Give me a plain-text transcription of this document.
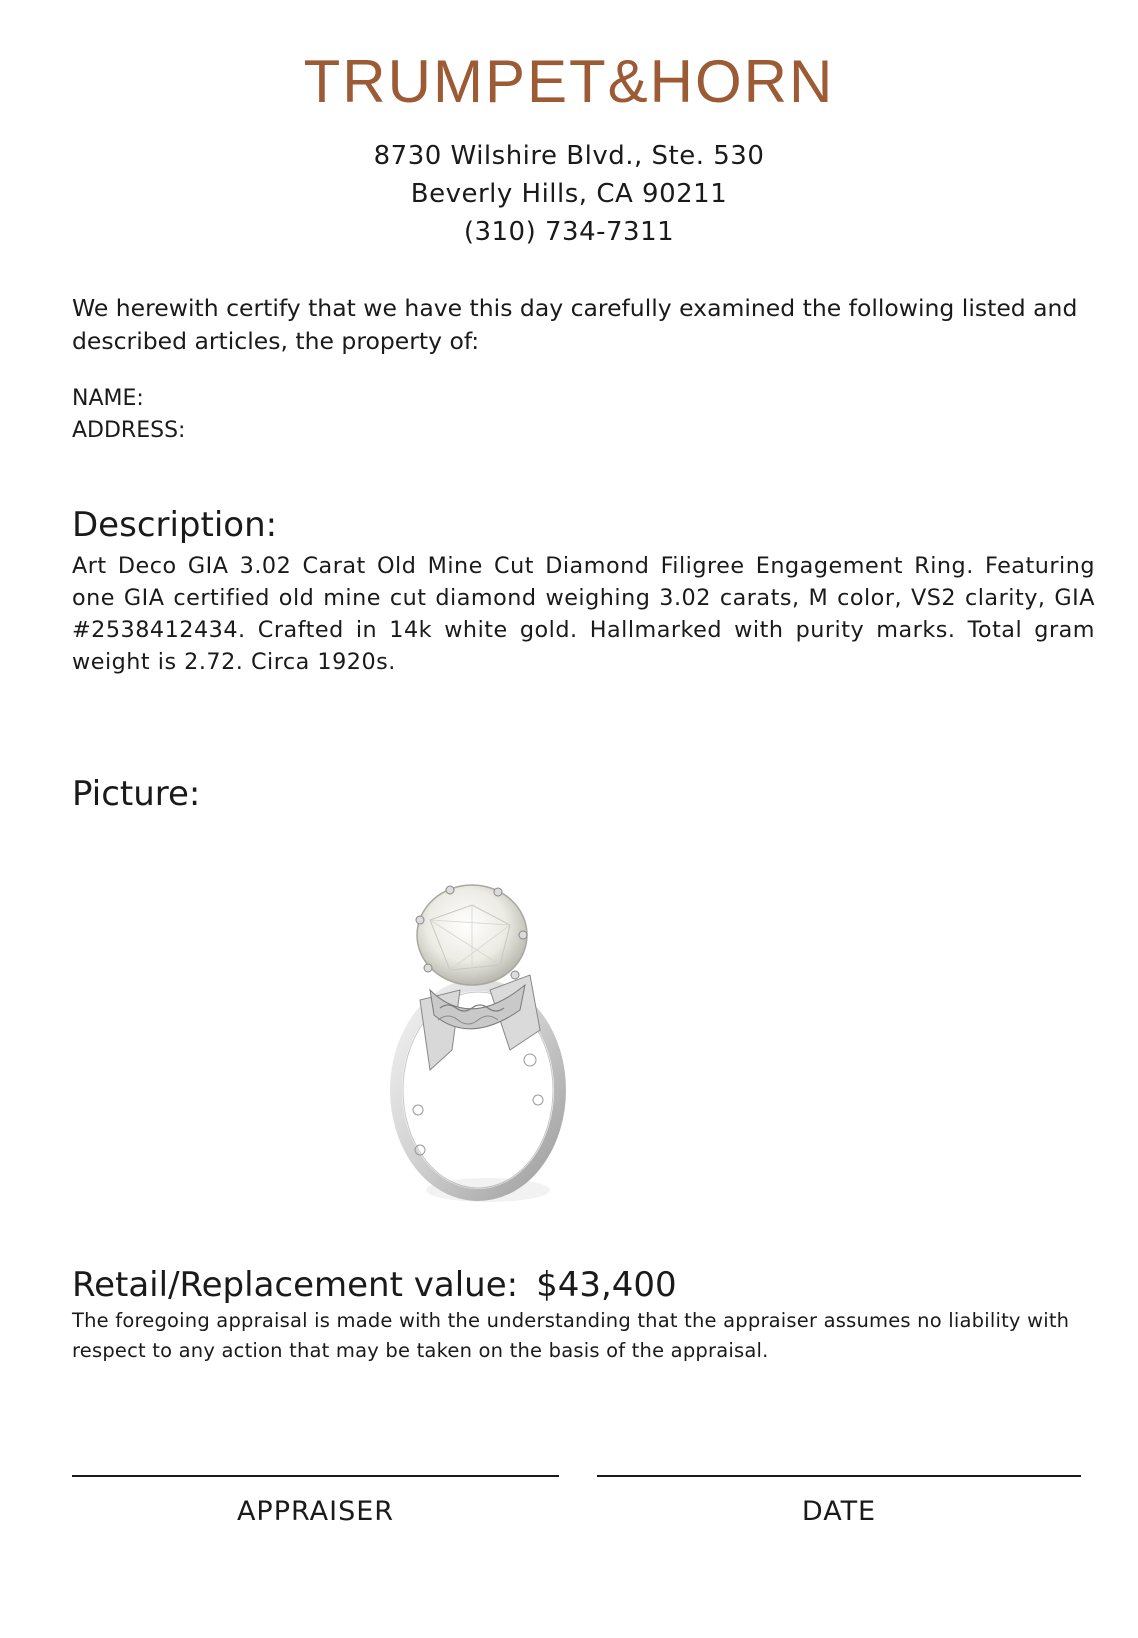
TRUMPET&HORN
8730 Wilshire Blvd., Ste. 530
Beverly Hills, CA 90211
(310) 734-7311
We herewith certify that we have this day carefully examined the following listed and described articles, the property of:
NAME:
ADDRESS:
Description:
Art Deco GIA 3.02 Carat Old Mine Cut Diamond Filigree Engagement Ring. Featuring one GIA certified old mine cut diamond weighing 3.02 carats, M color, VS2 clarity, GIA #2538412434. Crafted in 14k white gold. Hallmarked with purity marks. Total gram weight is 2.72. Circa 1920s.
Picture:
Retail/Replacement value: $43,400
The foregoing appraisal is made with the understanding that the appraiser assumes no liability with respect to any action that may be taken on the basis of the appraisal.
APPRAISER	DATE
